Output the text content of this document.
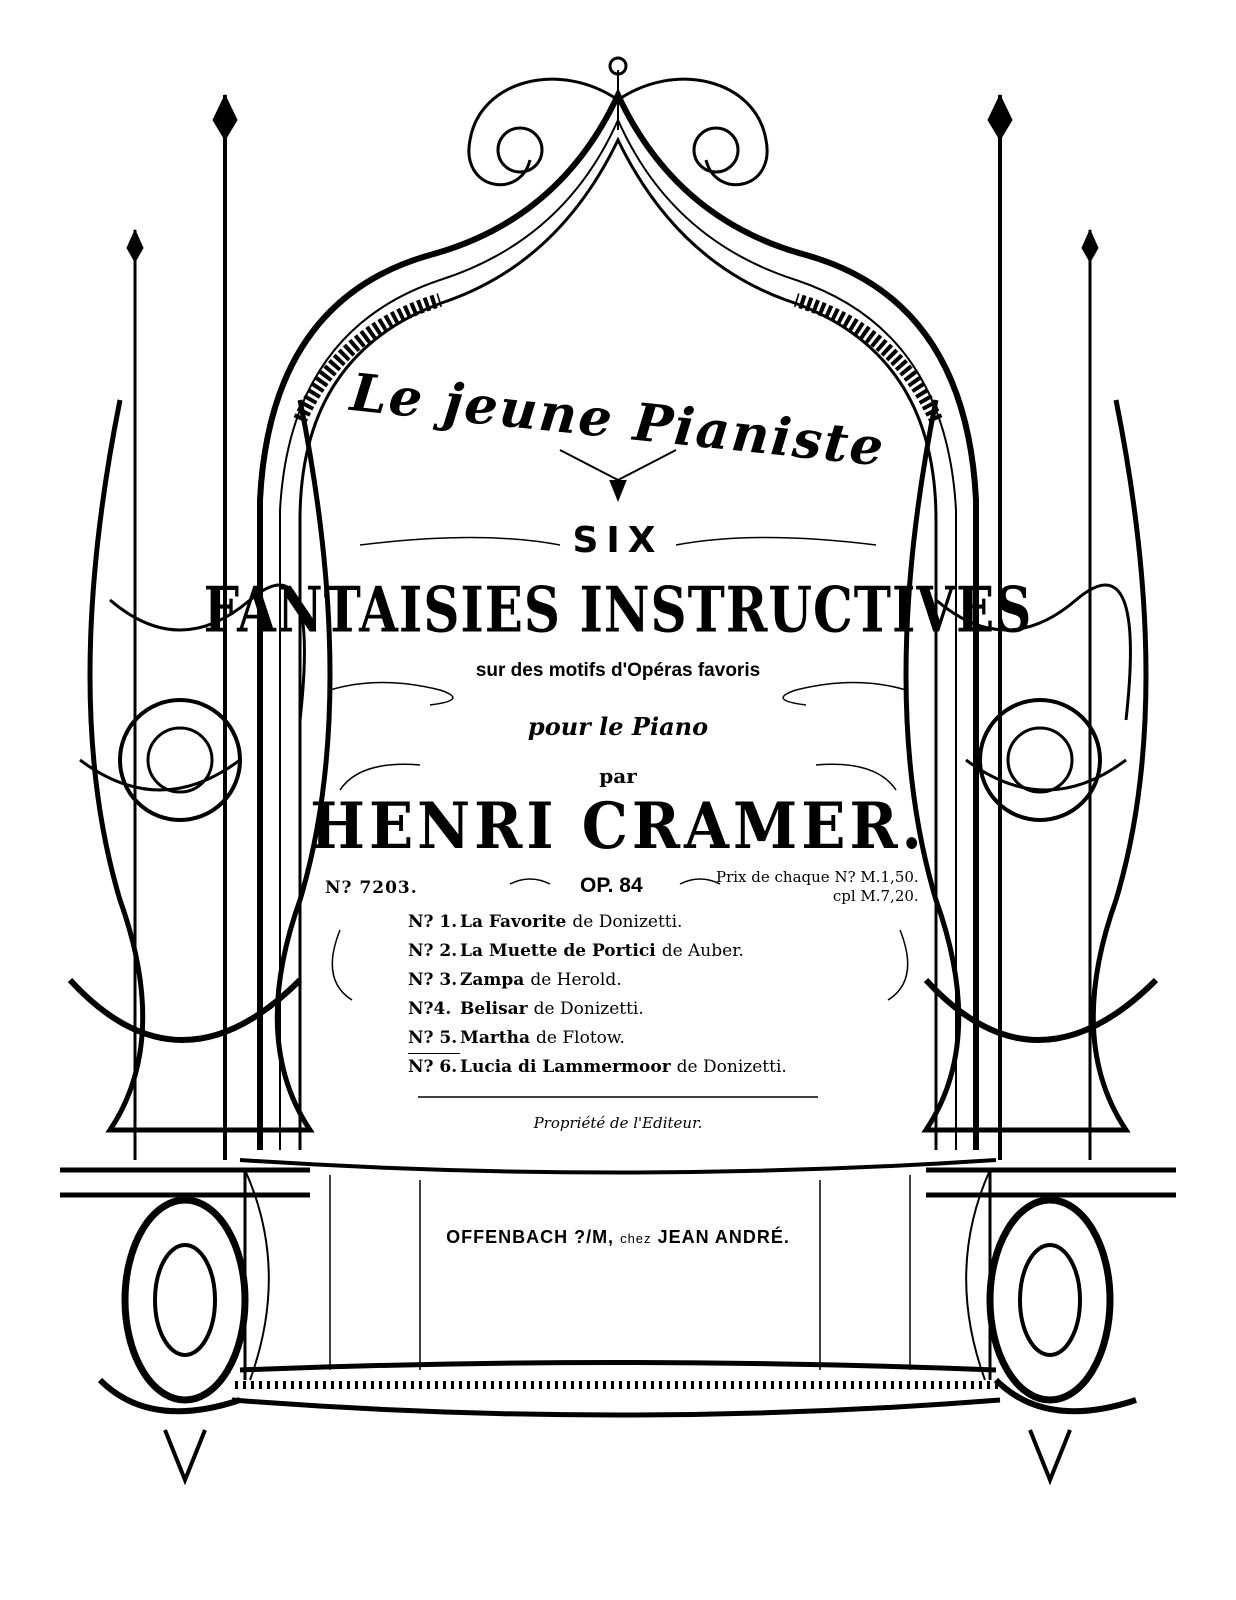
Le jeune Pianiste
SIX
FANTAISIES INSTRUCTIVES
sur des motifs d'Opéras favoris
pour le Piano
par
HENRI CRAMER.
N? 7203.	OP. 84	Prix de chaque N? M.1,50.
cpl M.7,20.
N? 1. La Favorite de Donizetti.
N? 2. La Muette de Portici de Auber.
N? 3. Zampa de Herold.
N?4. Belisar de Donizetti.
N? 5. Martha de Flotow.
N? 6. Lucia di Lammermoor de Donizetti.
Propriété de l'Editeur.
OFFENBACH ?/M, chez JEAN ANDRÉ.
